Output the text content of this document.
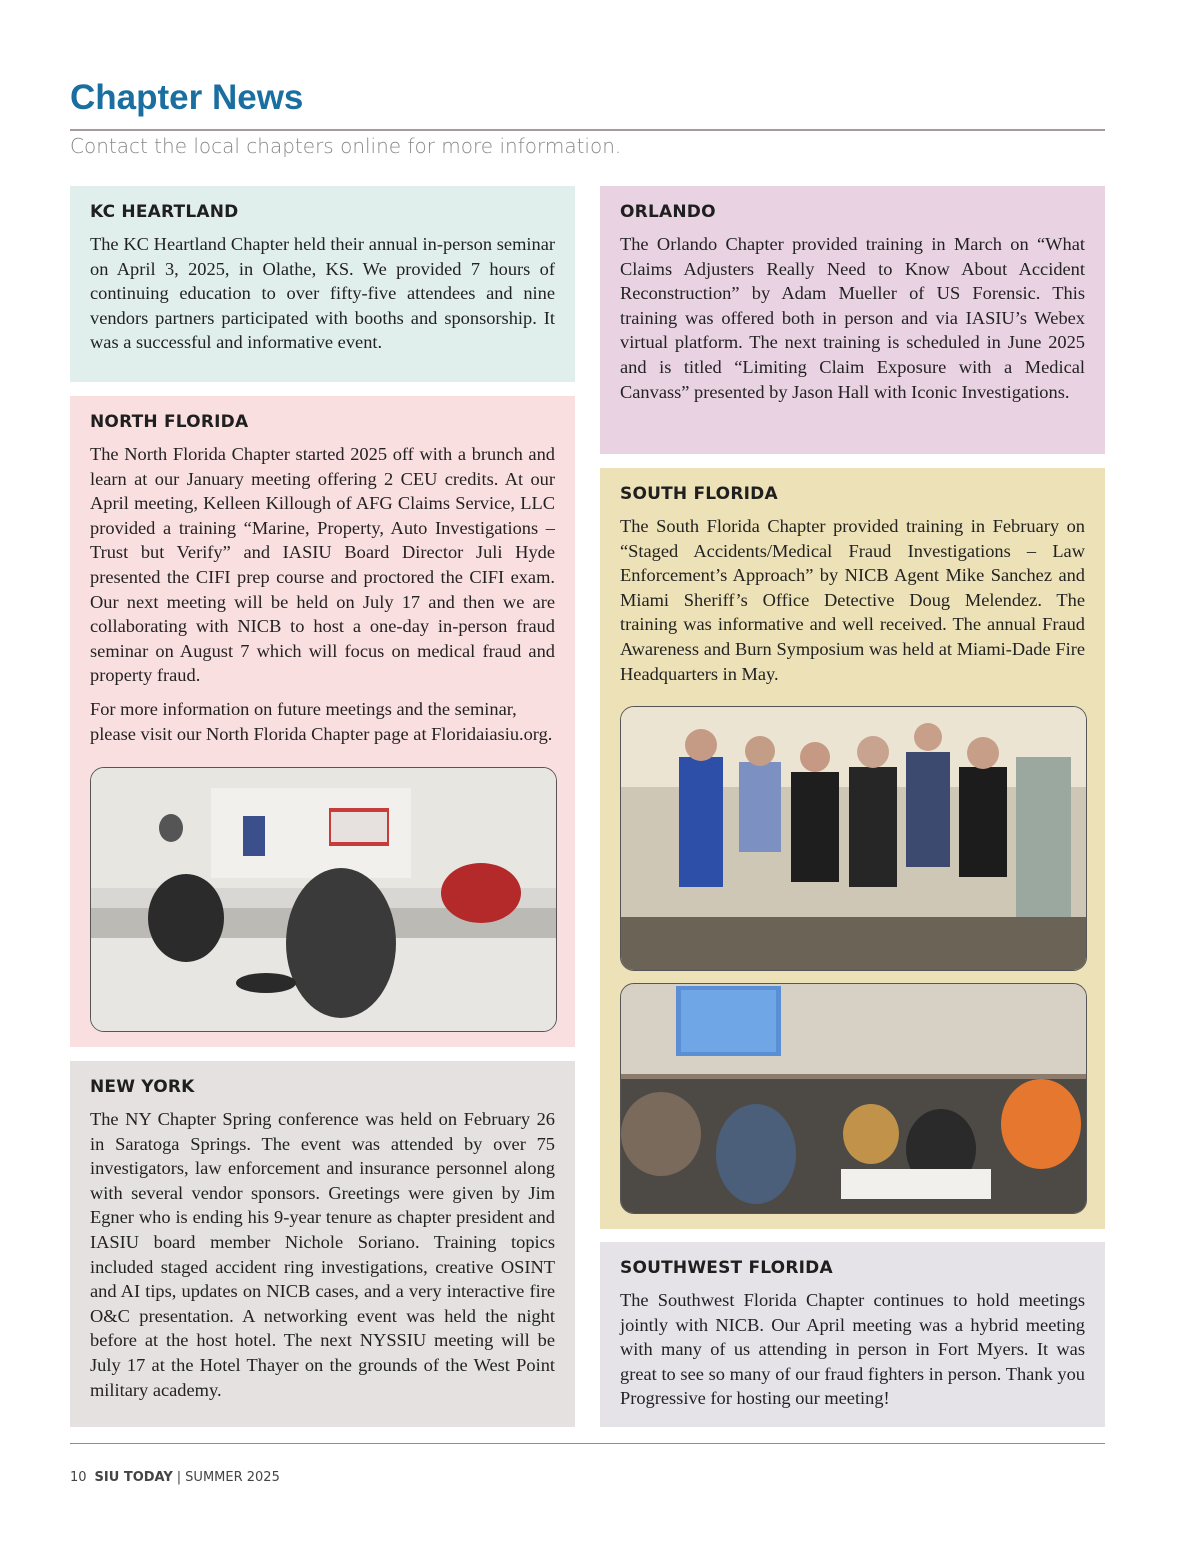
Chapter News
Contact the local chapters online for more information.
KC HEARTLAND

The KC Heartland Chapter held their annual in-person seminar on April 3, 2025, in Olathe, KS. We provided 7 hours of continuing education to over fifty-five attendees and nine vendors partners participated with booths and sponsorship. It was a successful and informative event.

NORTH FLORIDA

The North Florida Chapter started 2025 off with a brunch and learn at our January meeting offering 2 CEU credits. At our April meeting, Kelleen Killough of AFG Claims Service, LLC provided a training “Marine, Property, Auto Investigations – Trust but Verify” and IASIU Board Director Juli Hyde presented the CIFI prep course and proctored the CIFI exam. Our next meeting will be held on July 17 and then we are collaborating with NICB to host a one-day in-person fraud seminar on August 7 which will focus on medical fraud and property fraud.

For more information on future meetings and the seminar, please visit our North Florida Chapter page at Floridaiasiu.org.

NEW YORK

The NY Chapter Spring conference was held on February 26 in Saratoga Springs. The event was attended by over 75 investigators, law enforcement and insurance personnel along with several vendor sponsors. Greetings were given by Jim Egner who is ending his 9-year tenure as chapter president and IASIU board member Nichole Soriano. Training topics included staged accident ring investigations, creative OSINT and AI tips, updates on NICB cases, and a very interactive fire O&C presentation. A networking event was held the night before at the host hotel. The next NYSSIU meeting will be July 17 at the Hotel Thayer on the grounds of the West Point military academy.

ORLANDO

The Orlando Chapter provided training in March on “What Claims Adjusters Really Need to Know About Accident Reconstruction” by Adam Mueller of US Forensic. This training was offered both in person and via IASIU’s Webex virtual platform. The next training is scheduled in June 2025 and is titled “Limiting Claim Exposure with a Medical Canvass” presented by Jason Hall with Iconic Investigations.

SOUTH FLORIDA

The South Florida Chapter provided training in February on “Staged Accidents/Medical Fraud Investigations – Law Enforcement’s Approach” by NICB Agent Mike Sanchez and Miami Sheriff’s Office Detective Doug Melendez. The training was informative and well received. The annual Fraud Awareness and Burn Symposium was held at Miami-Dade Fire Headquarters in May.

SOUTHWEST FLORIDA

The Southwest Florida Chapter continues to hold meetings jointly with NICB. Our April meeting was a hybrid meeting with many of us attending in person in Fort Myers. It was great to see so many of our fraud fighters in person. Thank you Progressive for hosting our meeting!

10 SIU TODAY | SUMMER 2025
